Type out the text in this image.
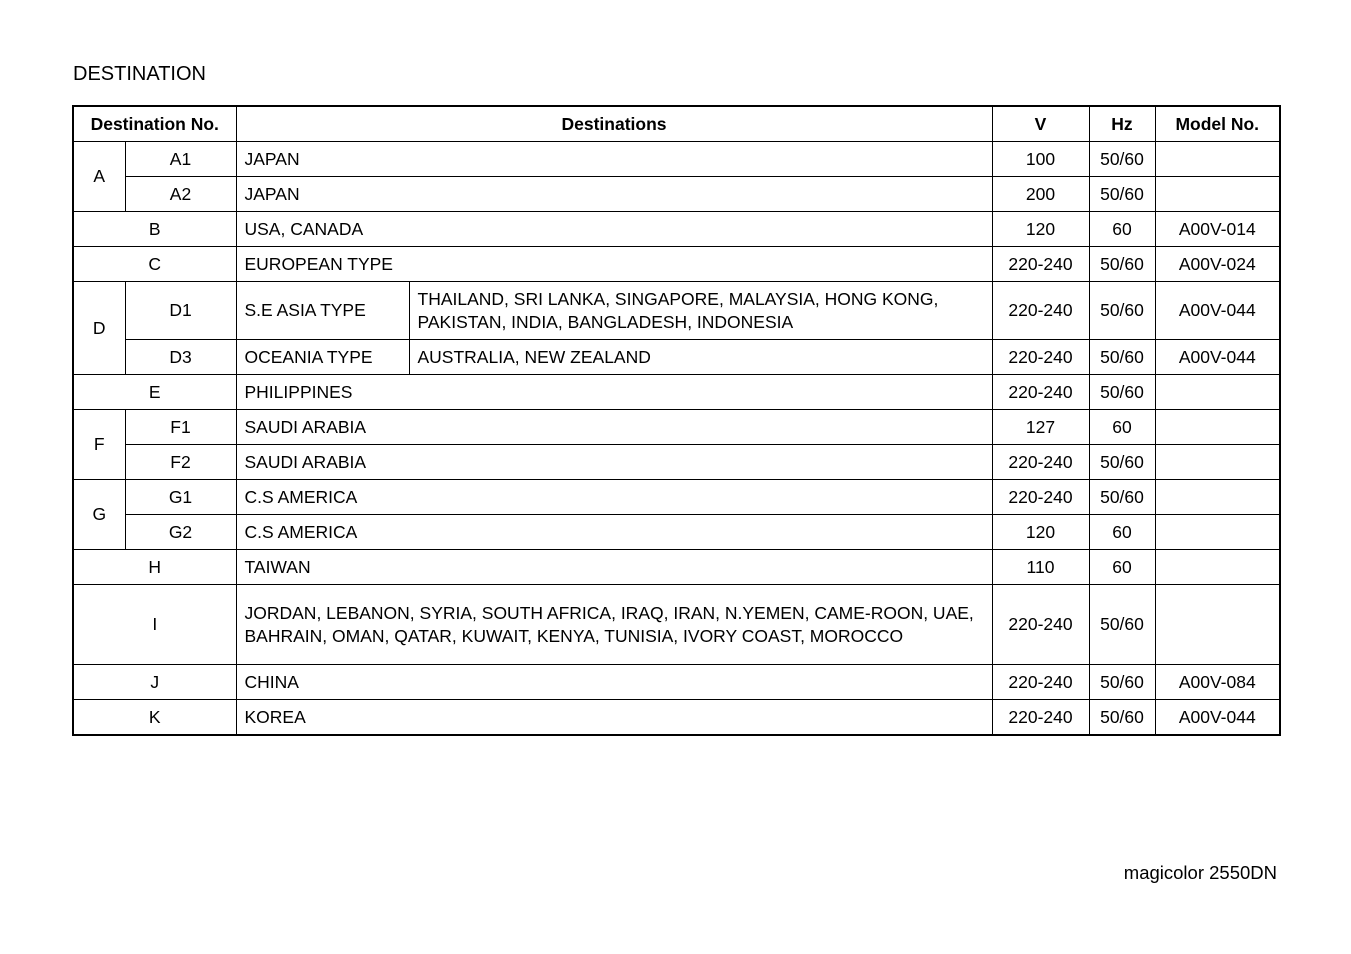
DESTINATION
Destination No.		Destinations		V	Hz	Model No.
A	A1	JAPAN		100	50/60	
	A2	JAPAN		200	50/60	
B		USA, CANADA		120	60	A00V-014
C		EUROPEAN TYPE		220-240	50/60	A00V-024
D	D1	S.E ASIA TYPE	THAILAND, SRI LANKA, SINGAPORE, MALAYSIA, HONG KONG, PAKISTAN, INDIA, BANGLADESH, INDONESIA	220-240	50/60	A00V-044
	D3	OCEANIA TYPE	AUSTRALIA, NEW ZEALAND	220-240	50/60	A00V-044
E		PHILIPPINES		220-240	50/60	
F	F1	SAUDI ARABIA		127	60	
	F2	SAUDI ARABIA		220-240	50/60	
G	G1	C.S AMERICA		220-240	50/60	
	G2	C.S AMERICA		120	60	
H		TAIWAN		110	60	
I		JORDAN, LEBANON, SYRIA, SOUTH AFRICA, IRAQ, IRAN, N.YEMEN, CAME-ROON, UAE, BAHRAIN, OMAN, QATAR, KUWAIT, KENYA, TUNISIA, IVORY COAST, MOROCCO		220-240	50/60	
J		CHINA		220-240	50/60	A00V-084
K		KOREA		220-240	50/60	A00V-044
magicolor 2550DN
